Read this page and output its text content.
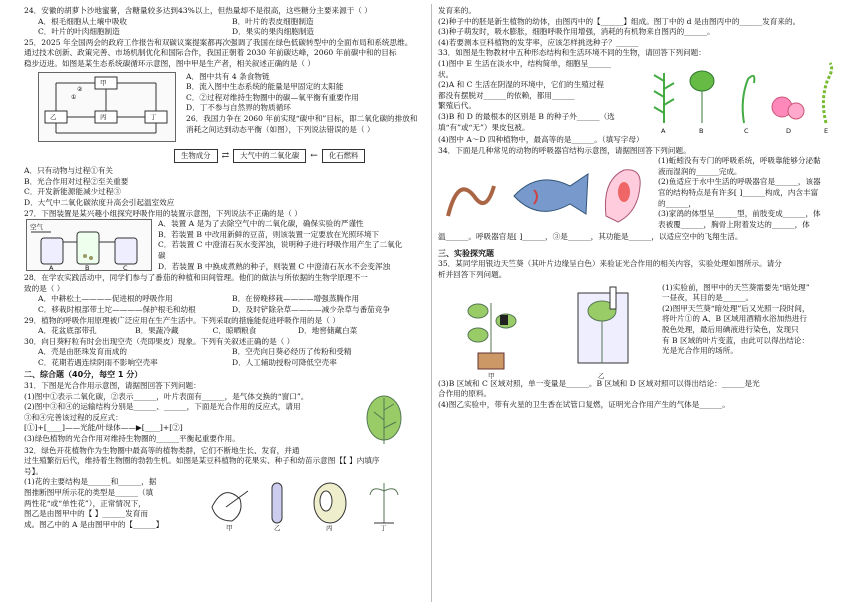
24．安徽的胡萝卜沙地蜜薯，含糖量较多达到43%以上，但热量却不是很高，这些糖分主要来源于（ ）

A．根毛细胞从土壤中吸收	B．叶片的表皮细胞制造
C．叶片的叶肉细胞制造	D．果实的果肉细胞制造

25．2025 年全国两会的政府工作报告和双碳议案提案都再次强调了我国在绿色低碳转型中的全面布局和系统思维。

通过技术创新、政策完善、市场机制优化和国际合作，我国正朝着 2030 年前碳达峰，2060 年前碳中和的目标

稳步迈进。如图是某生态系统碳循环示意图，图中甲是生产者，相关叙述正确的是（ ）

①
②
甲
乙	丙	丁

A．图中共有 4 条食物链

B．流入图中生态系统的能量是甲固定的太阳能

C．②过程对维持生物圈中的碳—氧平衡有重要作用

D．丁不参与自然界的物质循环

26．我国力争在 2060 年前实现“碳中和”目标，即二氧化碳的排放和

消耗之间达到动态平衡（如图），下列说法错误的是（ ）

生物成分	⇄	大气中的二氧化碳	←	化石燃料

A．只有动物与过程①有关

B．光合作用对过程②至关重要

C．开发新能源能减少过程③

D．大气中二氧化碳浓度升高会引起温室效应

27．下图装置是某兴趣小组探究呼吸作用的装置示意图，下列说法不正确的是（ ）

空气
A	B	C

A．装置 A 是为了去除空气中的二氧化碳，确保实验的严谨性

B．若装置 B 中改用新鲜的豆苗，则该装置一定要放在光照环境下

C．若装置 C 中澄清石灰水变浑浊，说明种子进行呼吸作用产生了二氧化

碳

D．若装置 B 中换成煮熟的种子，则装置 C 中澄清石灰水不会变浑浊

28．在学农实践活动中，同学们参与了番茄的种植和田间管理。他们的做法与所依据的生物学原理不一

致的是（ ）

A．中耕松土————促进根的呼吸作用	B．在傍晚移栽————增强蒸腾作用
C．移栽时根部带土坨————保护根毛和幼根	D．及时铲除杂草————减少杂草与番茄竞争

29．植物的呼吸作用原理被广泛应用在生产生活中。下列采取的措施能促进呼吸作用的是（ ）

A．花盆底部带孔	B．果蔬冷藏	C．晾晒粮食	D．地窖储藏白菜

30．向日葵籽粒有时会出现空壳（壳即果皮）现象。下列有关叙述正确的是（ ）

A．壳是由胚珠发育而成的	B．空壳向日葵必经历了传粉和受精
C．花期若遇连续阴雨不影响空壳率	D．人工辅助授粉可降低空壳率

二、综合题（40分，每空 1 分）

31．下图是光合作用示意图，请据图回答下列问题：

(1)图中①表示二氧化碳，②表示______，叶片表面有______，是气体交换的“窗口”。

(2)图中③和④的运输结构分别是______、______，下面是光合作用的反应式，请用

③和④完善该过程的反应式：

[①]+[____]——光能/叶绿体——▶[____]+[②]

(3)绿色植物的光合作用对维持生物圈的______平衡起重要作用。

32．绿色开花植物作为生物圈中最高等的植物类群，它们不断地生长、发育，并通

过生殖繁衍后代，维持着生物圈的勃勃生机。如图是某豆科植物的花果实、种子和幼苗示意图【【 】内填序

号】。

(1)花的主要结构是______和______，据

图推断图甲所示花的类型是______（填

两性花“或“单性花”），正常情况下，

图乙是由图甲中的【 】______发育而

成。图乙中的 A 是由图甲中的【______】	甲	乙	丙	丁

发育来的。

(2)种子中的胚是新生植物的幼体，由图丙中的【______】组成。图丁中的 d 是由图丙中的______发育来的。

(3)种子萌发时，吸水膨胀，细胞呼吸作用增强，消耗的有机物来自图丙的______。

(4)若要测本豆科植物的发芽率，应该怎样挑选种子？______

33．如图是生物教材中五种形态结构和生活环境不同的生物，请回答下列问题：

(1)图中 E 生活在淡水中，结构简单，细胞呈______

状。

(2)A 和 C 生活在阴湿的环境中，它们的生殖过程

都没有摆脱对______的依赖，都用______

繁殖后代。

(3)B 和 D 的最根本的区别是 B 的种子外______（选

填“有”或“无”）果皮包被。	A	B	C	D	E

(4)图中 A～D 四种植物中，最高等的是______。（填写字母）

34．下面是几种常见的动物的呼吸器官结构示意图，请据图回答下列问题。

(1)蚯蚓没有专门的呼吸系统，呼吸靠能够分泌黏

液而湿润的______完成。

(2)鱼适应于水中生活的呼吸器官是______，该器

官的结构特点是有许多[ ]______构成，内含丰富

的______，

(3)家鸽的体型呈______型，前肢变成______，体

表被覆______，胸骨上附着发达的______，体

温______。呼吸器官是[ ]______，③是______，其功能是______，以适应空中的飞翔生活。

三、实验探究题

35．某同学用银边天竺葵（其叶片边缘呈白色）来验证光合作用的相关内容，实验处理如图所示。请分

析并回答下列问题。

甲	乙

(1)实验前，图甲中的天竺葵需要先“暗处理”

一昼夜，其目的是______。

(2)图甲天竺葵“暗处理”后又光照一段时间，

将叶片①的 A、B 区域用酒精水浴加热进行

脱色处理，最后用碘液进行染色，发现只

有 B 区域的叶片变蓝，由此可以得出结论：

光是光合作用的场所。

(3)B 区域和 C 区域对照，单一变量是______。B 区域和 D 区域对照可以得出结论：______是光

合作用的原料。

(4)图乙实验中，带有火星的卫生香在试管口复燃，证明光合作用产生的气体是______。
